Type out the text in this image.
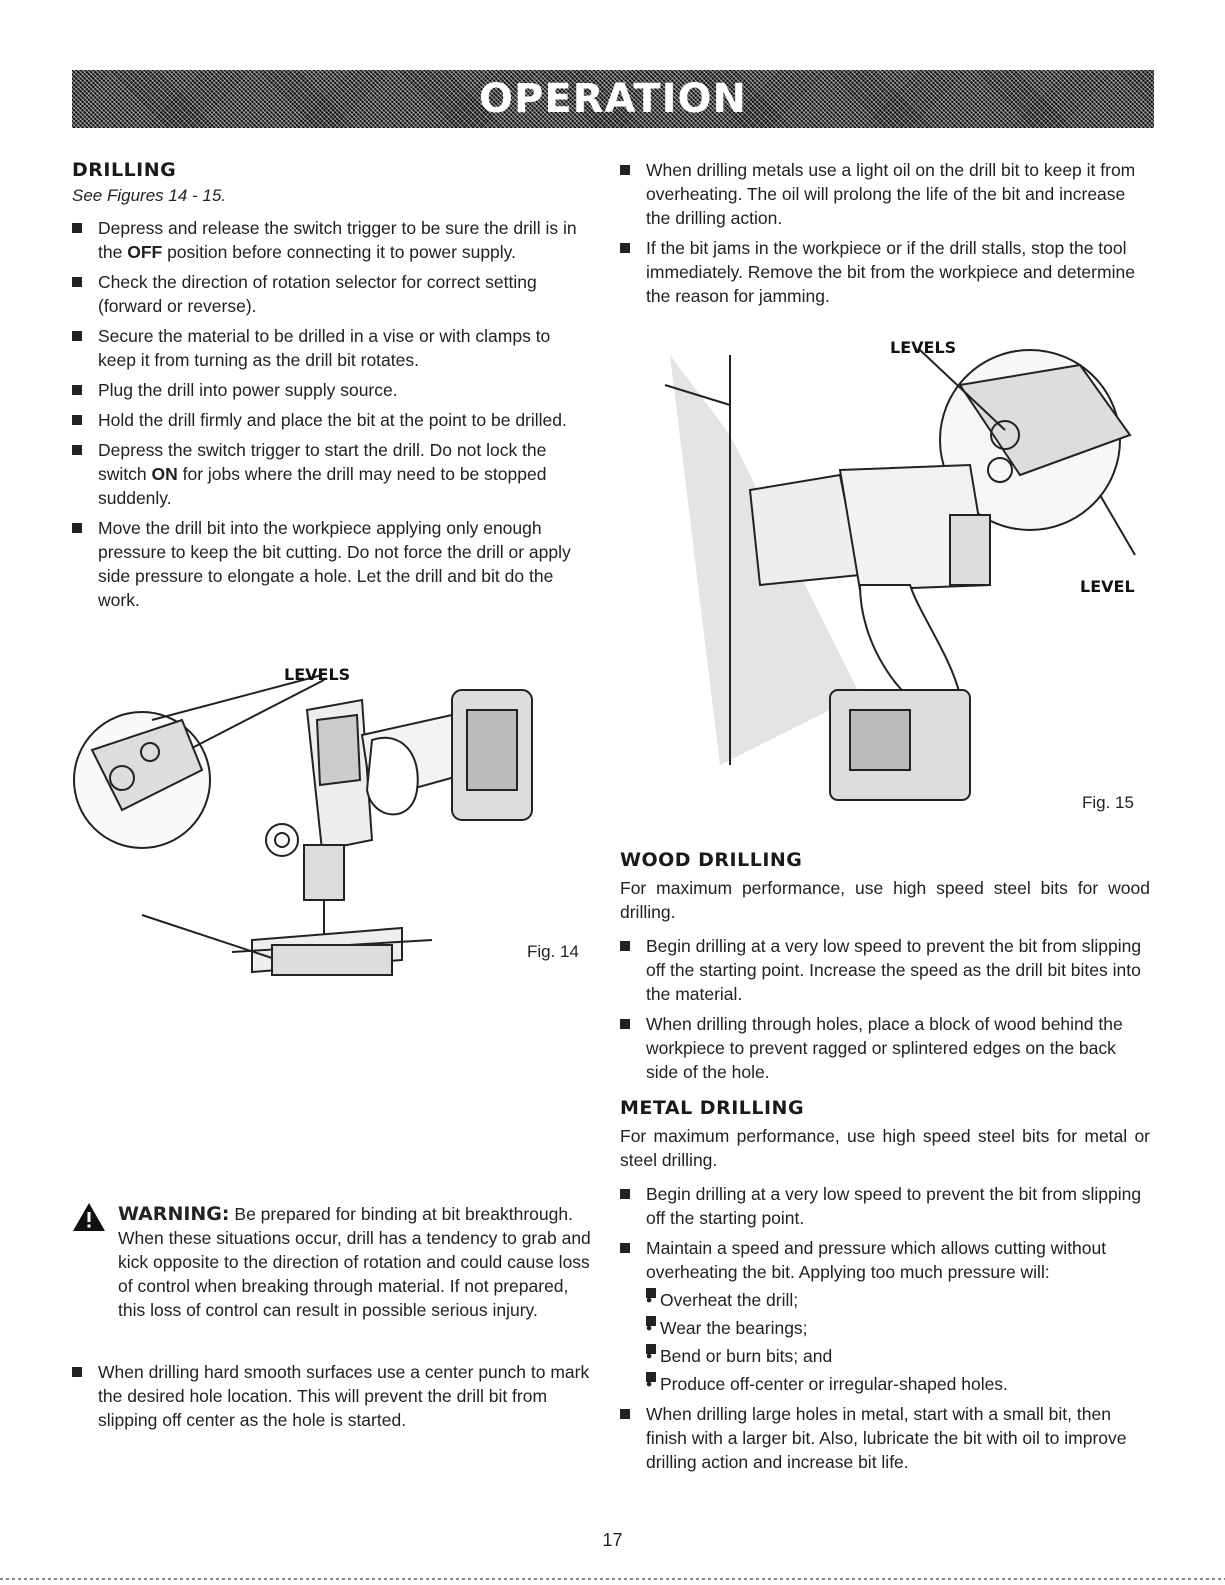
OPERATION
DRILLING
See Figures 14 - 15.
Depress and release the switch trigger to be sure the drill is in the OFF position before connecting it to power supply.
Check the direction of rotation selector for correct setting (forward or reverse).
Secure the material to be drilled in a vise or with clamps to keep it from turning as the drill bit rotates.
Plug the drill into power supply source.
Hold the drill firmly and place the bit at the point to be drilled.
Depress the switch trigger to start the drill. Do not lock the switch ON for jobs where the drill may need to be stopped suddenly.
Move the drill bit into the workpiece applying only enough pressure to keep the bit cutting. Do not force the drill or apply side pressure to elongate a hole. Let the drill and bit do the work.
LEVELS
Fig. 14
WARNING: Be prepared for binding at bit breakthrough. When these situations occur, drill has a tendency to grab and kick opposite to the direction of rotation and could cause loss of control when breaking through material. If not prepared, this loss of control can result in possible serious injury.
When drilling hard smooth surfaces use a center punch to mark the desired hole location. This will prevent the drill bit from slipping off center as the hole is started.
When drilling metals use a light oil on the drill bit to keep it from overheating. The oil will prolong the life of the bit and increase the drilling action.
If the bit jams in the workpiece or if the drill stalls, stop the tool immediately. Remove the bit from the workpiece and determine the reason for jamming.
LEVELS
LEVEL
Fig. 15
WOOD DRILLING
For maximum performance, use high speed steel bits for wood drilling.
Begin drilling at a very low speed to prevent the bit from slipping off the starting point. Increase the speed as the drill bit bites into the material.
When drilling through holes, place a block of wood behind the workpiece to prevent ragged or splintered edges on the back side of the hole.
METAL DRILLING
For maximum performance, use high speed steel bits for metal or steel drilling.
Begin drilling at a very low speed to prevent the bit from slipping off the starting point.
Maintain a speed and pressure which allows cutting without overheating the bit. Applying too much pressure will:
• Overheat the drill;
• Wear the bearings;
• Bend or burn bits; and
• Produce off-center or irregular-shaped holes.
When drilling large holes in metal, start with a small bit, then finish with a larger bit. Also, lubricate the bit with oil to improve drilling action and increase bit life.
17
